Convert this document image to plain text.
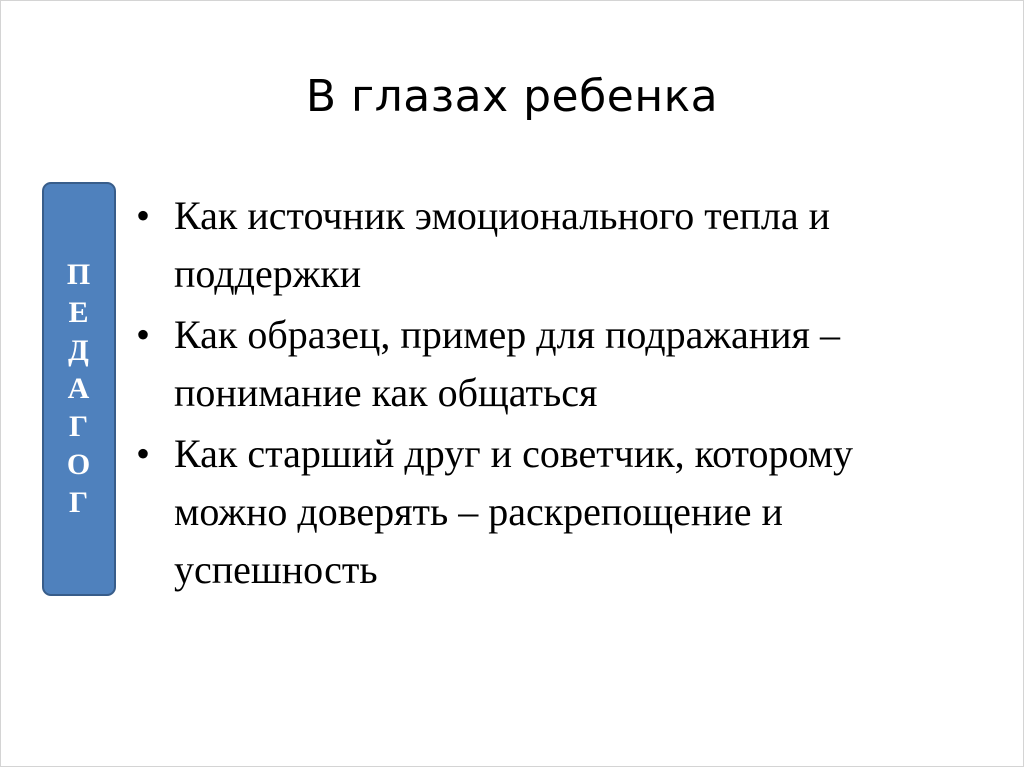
В глазах ребенка
П
Е
Д
А
Г
О
Г
• Как источник эмоционального тепла и поддержки
• Как образец, пример для подражания – понимание как общаться
• Как старший друг и советчик, которому можно доверять – раскрепощение и успешность
